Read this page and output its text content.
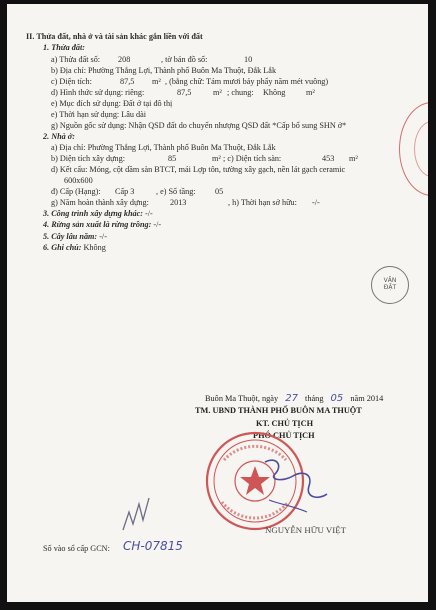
II. Thửa đất, nhà ở và tài sản khác gắn liền với đất
1. Thửa đất:
a) Thửa đất số: 208	, tờ bản đồ số:	10
b) Địa chỉ: Phường Thắng Lợi, Thành phố Buôn Ma Thuột, Đắk Lắk
c) Diện tích:	87,5 m² , (bằng chữ: Tám mươi bảy phẩy năm mét vuông)
d) Hình thức sử dụng: riêng:	87,5	m² ; chung: Không	m²
e) Mục đích sử dụng: Đất ở tại đô thị
e) Thời hạn sử dụng: Lâu dài
g) Nguồn gốc sử dụng: Nhận QSD đất do chuyển nhượng QSD đất *Cấp bổ sung SHN ở*
2. Nhà ở:
a) Địa chỉ: Phường Thắng Lợi, Thành phố Buôn Ma Thuột, Đắk Lắk
b) Diện tích xây dựng:	85	m² ; c) Diện tích sàn:	453 m²
d) Kết cấu: Móng, cột dầm sàn BTCT, mái Lợp tôn, tường xây gạch, nền lát gạch ceramic
600x600
đ) Cấp (Hạng): Cấp 3	, e) Số tầng: 05
g) Năm hoàn thành xây dựng:	2013	, h) Thời hạn sở hữu: -/-
3. Công trình xây dựng khác: -/-
4. Rừng sản xuất là rừng trồng: -/-
5. Cây lâu năm: -/-
6. Ghi chú: Không
VĂN ĐẶT
Buôn Ma Thuột, ngày 27 tháng 05 năm 2014
TM. UBND THÀNH PHỐ BUÔN MA THUỘT
KT. CHỦ TỊCH
PHÓ CHỦ TỊCH
NGUYỄN HỮU VIỆT
Số vào sổ cấp GCN: CH-07815
